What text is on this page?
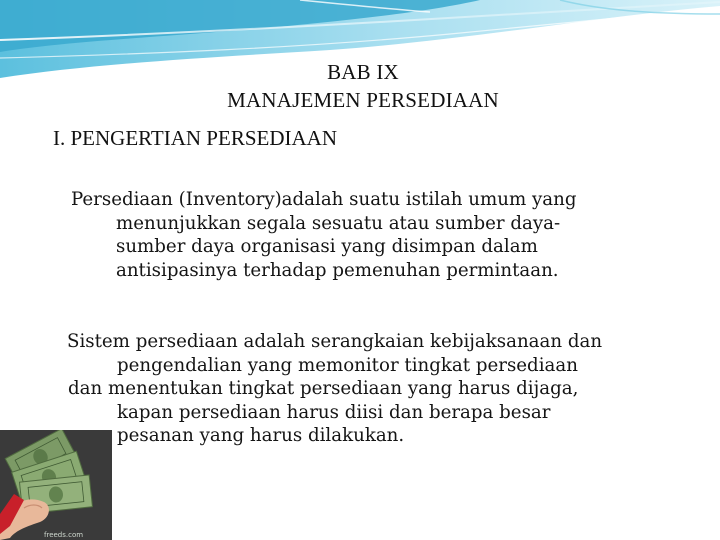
BAB IX
MANAJEMEN PERSEDIAAN
I. PENGERTIAN PERSEDIAAN
Persediaan (Inventory)adalah suatu istilah umum yang
menunjukkan segala sesuatu atau sumber daya-
sumber daya organisasi yang disimpan dalam
antisipasinya terhadap pemenuhan permintaan.
Sistem persediaan adalah serangkaian kebijaksanaan dan
pengendalian yang memonitor tingkat persediaan
dan menentukan tingkat persediaan yang harus dijaga,
kapan persediaan harus diisi dan berapa besar
pesanan yang harus dilakukan.
freeds.com
